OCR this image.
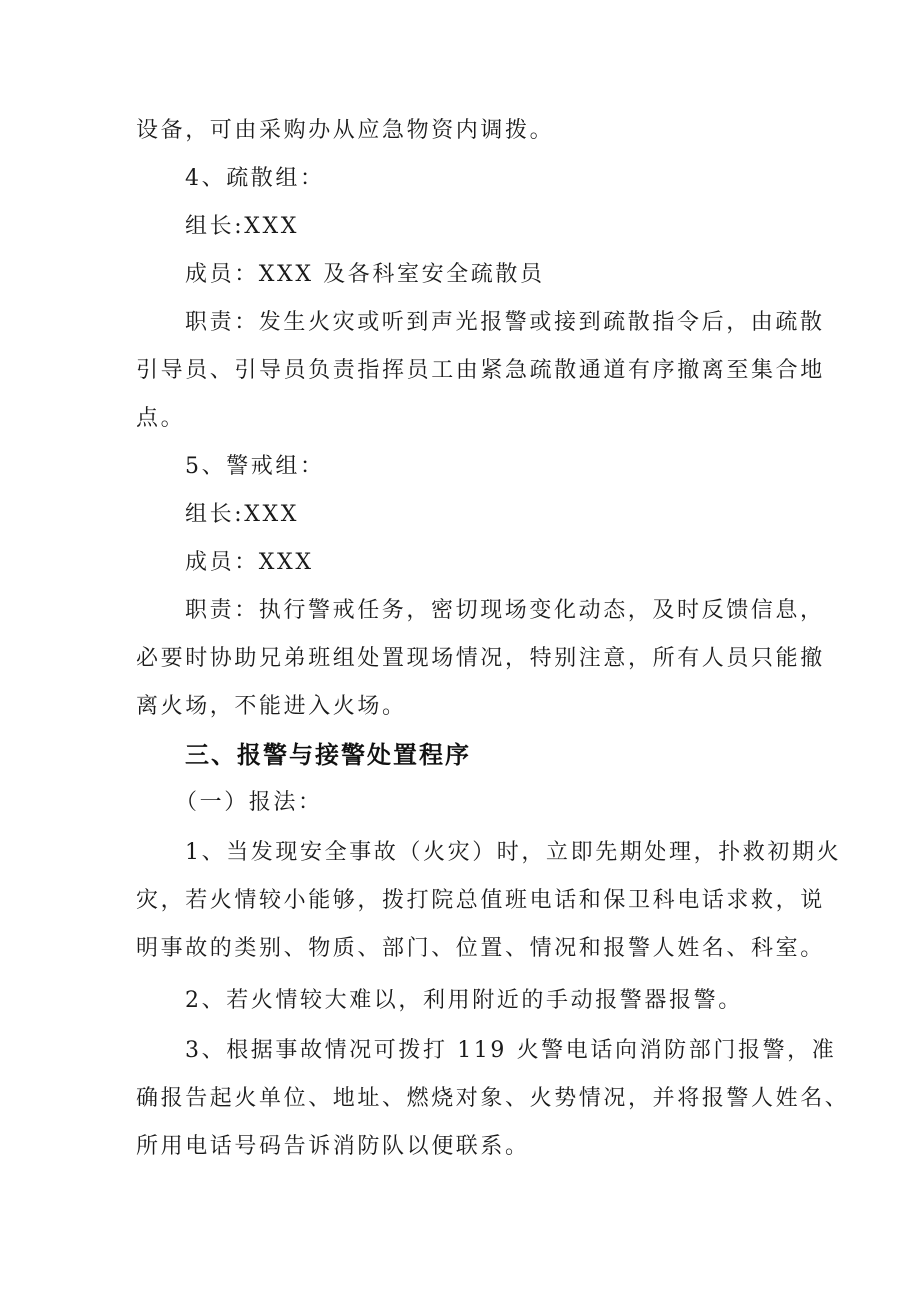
设备，可由采购办从应急物资内调拨。
4、疏散组：
组长:XXX
成员：XXX 及各科室安全疏散员
职责：发生火灾或听到声光报警或接到疏散指令后，由疏散
引导员、引导员负责指挥员工由紧急疏散通道有序撤离至集合地
点。
5、警戒组：
组长:XXX
成员：XXX
职责：执行警戒任务，密切现场变化动态，及时反馈信息，
必要时协助兄弟班组处置现场情况，特别注意，所有人员只能撤
离火场，不能进入火场。
三、报警与接警处置程序
（一）报法：
1、当发现安全事故（火灾）时，立即先期处理，扑救初期火
灾，若火情较小能够，拨打院总值班电话和保卫科电话求救，说
明事故的类别、物质、部门、位置、情况和报警人姓名、科室。
2、若火情较大难以，利用附近的手动报警器报警。
3、根据事故情况可拨打 119 火警电话向消防部门报警，准
确报告起火单位、地址、燃烧对象、火势情况，并将报警人姓名、
所用电话号码告诉消防队以便联系。
